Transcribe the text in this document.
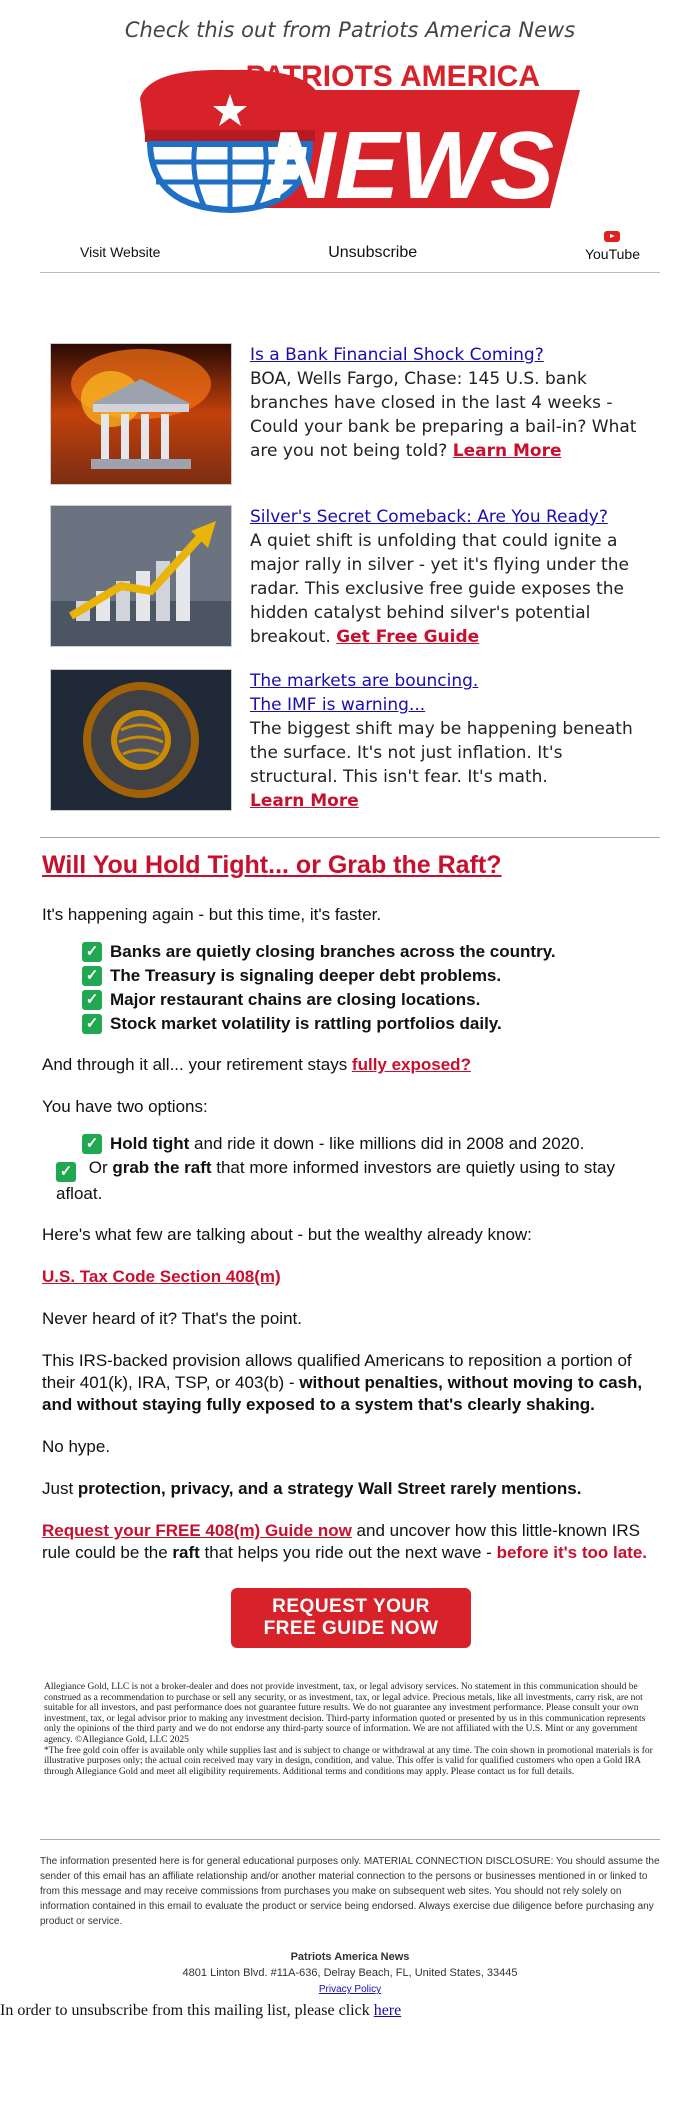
Check this out from Patriots America News
PATRIOTS AMERICA
NEWS
Visit Website	Unsubscribe	YouTube
Is a Bank Financial Shock Coming?
BOA, Wells Fargo, Chase: 145 U.S. bank branches have closed in the last 4 weeks - Could your bank be preparing a bail-in? What are you not being told? Learn More
Silver's Secret Comeback: Are You Ready?
A quiet shift is unfolding that could ignite a major rally in silver - yet it's flying under the radar. This exclusive free guide exposes the hidden catalyst behind silver's potential breakout. Get Free Guide
The markets are bouncing.
The IMF is warning...
The biggest shift may be happening beneath the surface. It's not just inflation. It's structural. This isn't fear. It's math.
Learn More
Will You Hold Tight... or Grab the Raft?

It's happening again - but this time, it's faster.

✓ Banks are quietly closing branches across the country.
✓ The Treasury is signaling deeper debt problems.
✓ Major restaurant chains are closing locations.
✓ Stock market volatility is rattling portfolios daily.

And through it all... your retirement stays fully exposed?

You have two options:

✓ Hold tight and ride it down - like millions did in 2008 and 2020.
✓ Or grab the raft that more informed investors are quietly using to stay afloat.

Here's what few are talking about - but the wealthy already know:

U.S. Tax Code Section 408(m)

Never heard of it? That's the point.

This IRS-backed provision allows qualified Americans to reposition a portion of their 401(k), IRA, TSP, or 403(b) - without penalties, without moving to cash, and without staying fully exposed to a system that's clearly shaking.

No hype.

Just protection, privacy, and a strategy Wall Street rarely mentions.

Request your FREE 408(m) Guide now and uncover how this little-known IRS rule could be the raft that helps you ride out the next wave - before it's too late.

REQUEST YOUR
FREE GUIDE NOW

Allegiance Gold, LLC is not a broker-dealer and does not provide investment, tax, or legal advisory services. No statement in this communication should be construed as a recommendation to purchase or sell any security, or as investment, tax, or legal advice. Precious metals, like all investments, carry risk, are not suitable for all investors, and past performance does not guarantee future results. We do not guarantee any investment performance. Please consult your own investment, tax, or legal advisor prior to making any investment decision. Third-party information quoted or presented by us in this communication represents only the opinions of the third party and we do not endorse any third-party source of information. We are not affiliated with the U.S. Mint or any government agency. ©Allegiance Gold, LLC 2025

*The free gold coin offer is available only while supplies last and is subject to change or withdrawal at any time. The coin shown in promotional materials is for illustrative purposes only; the actual coin received may vary in design, condition, and value. This offer is valid for qualified customers who open a Gold IRA through Allegiance Gold and meet all eligibility requirements. Additional terms and conditions may apply. Please contact us for full details.

The information presented here is for general educational purposes only. MATERIAL CONNECTION DISCLOSURE: You should assume the sender of this email has an affiliate relationship and/or another material connection to the persons or businesses mentioned in or linked to from this message and may receive commissions from purchases you make on subsequent web sites. You should not rely solely on information contained in this email to evaluate the product or service being endorsed. Always exercise due diligence before purchasing any product or service.
Patriots America News
4801 Linton Blvd. #11A-636, Delray Beach, FL, United States, 33445
Privacy Policy
In order to unsubscribe from this mailing list, please click here
